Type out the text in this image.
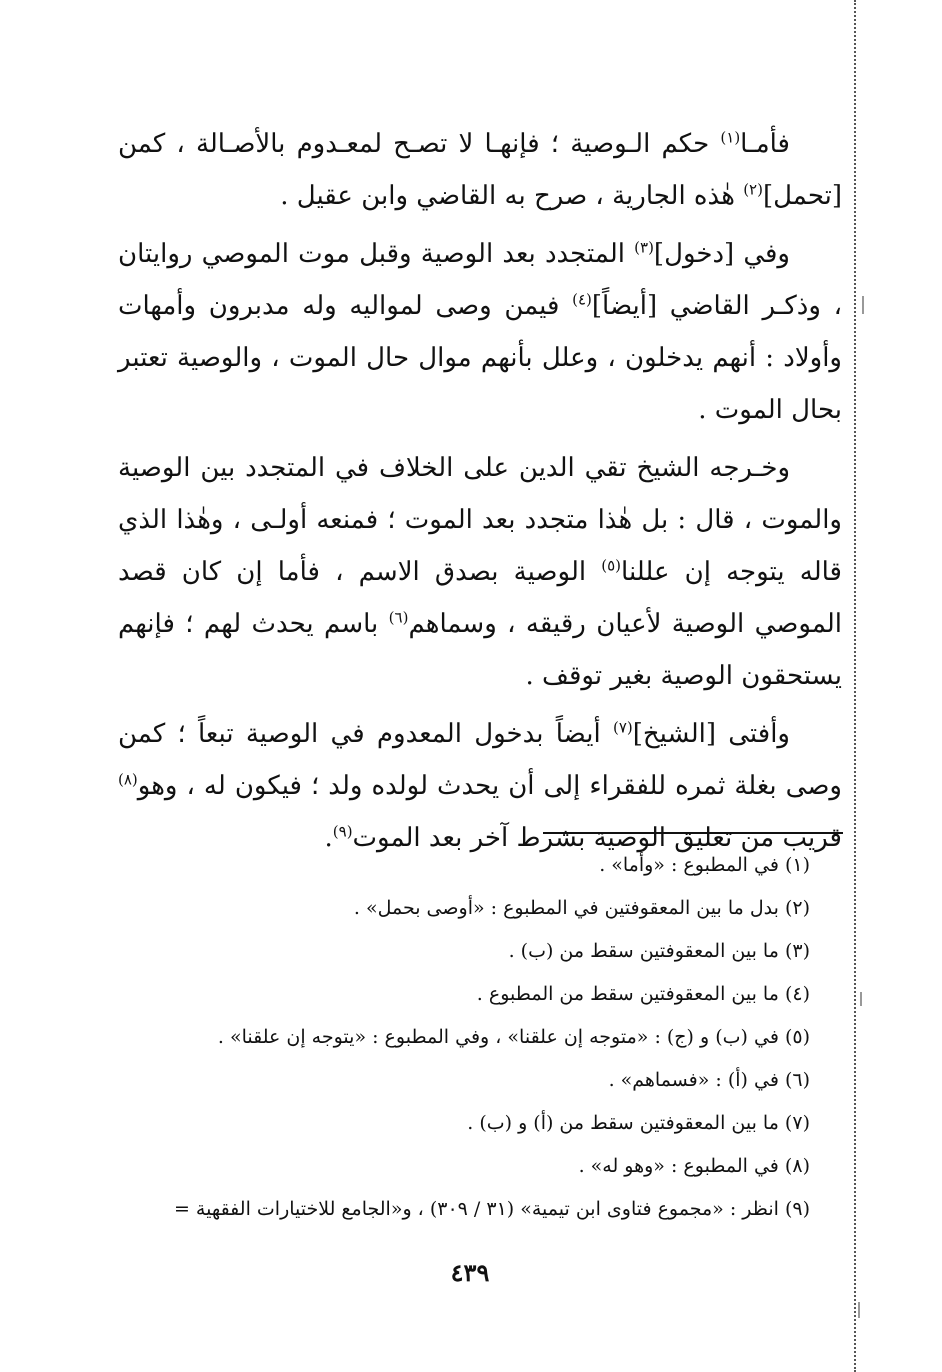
فأمـا$^{(١)}$ حكم الـوصية ؛ فإنهـا لا تصـح لمعـدوم بالأصـالة ، كمن [تحمل]$^{(٢)}$ هٰذه الجارية ، صرح به القاضي وابن عقيل .

وفي [دخول]$^{(٣)}$ المتجدد بعد الوصية وقبل موت الموصي روايتان ، وذكـر القاضي [أيضاً]$^{(٤)}$ فيمن وصى لمواليه وله مدبرون وأمهات وأولاد : أنهم يدخلون ، وعلل بأنهم موال حال الموت ، والوصية تعتبر بحال الموت .

وخـرجه الشيخ تقي الدين على الخلاف في المتجدد بين الوصية والموت ، قال : بل هٰذا متجدد بعد الموت ؛ فمنعه أولـى ، وهٰذا الذي قاله يتوجه إن عللنا$^{(٥)}$ الوصية بصدق الاسم ، فأما إن كان قصد الموصي الوصية لأعيان رقيقه ، وسماهم$^{(٦)}$ باسم يحدث لهم ؛ فإنهم يستحقون الوصية بغير توقف .

وأفتى [الشيخ]$^{(٧)}$ أيضاً بدخول المعدوم في الوصية تبعاً ؛ كمن وصى بغلة ثمره للفقراء إلى أن يحدث لولده ولد ؛ فيكون له ، وهو$^{(٨)}$ قريب من تعليق الوصية بشرط آخر بعد الموت$^{(٩)}$.

(١) في المطبوع : «وأما» .
(٢) بدل ما بين المعقوفتين في المطبوع : «أوصى بحمل» .
(٣) ما بين المعقوفتين سقط من (ب) .
(٤) ما بين المعقوفتين سقط من المطبوع .
(٥) في (ب) و (ج) : «متوجه إن علقنا» ، وفي المطبوع : «يتوجه إن علقنا» .
(٦) في (أ) : «فسماهم» .
(٧) ما بين المعقوفتين سقط من (أ) و (ب) .
(٨) في المطبوع : «وهو له» .
(٩) انظر : «مجموع فتاوى ابن تيمية» (٣١ / ٣٠٩) ، و«الجامع للاختيارات الفقهية =
٤٣٩
